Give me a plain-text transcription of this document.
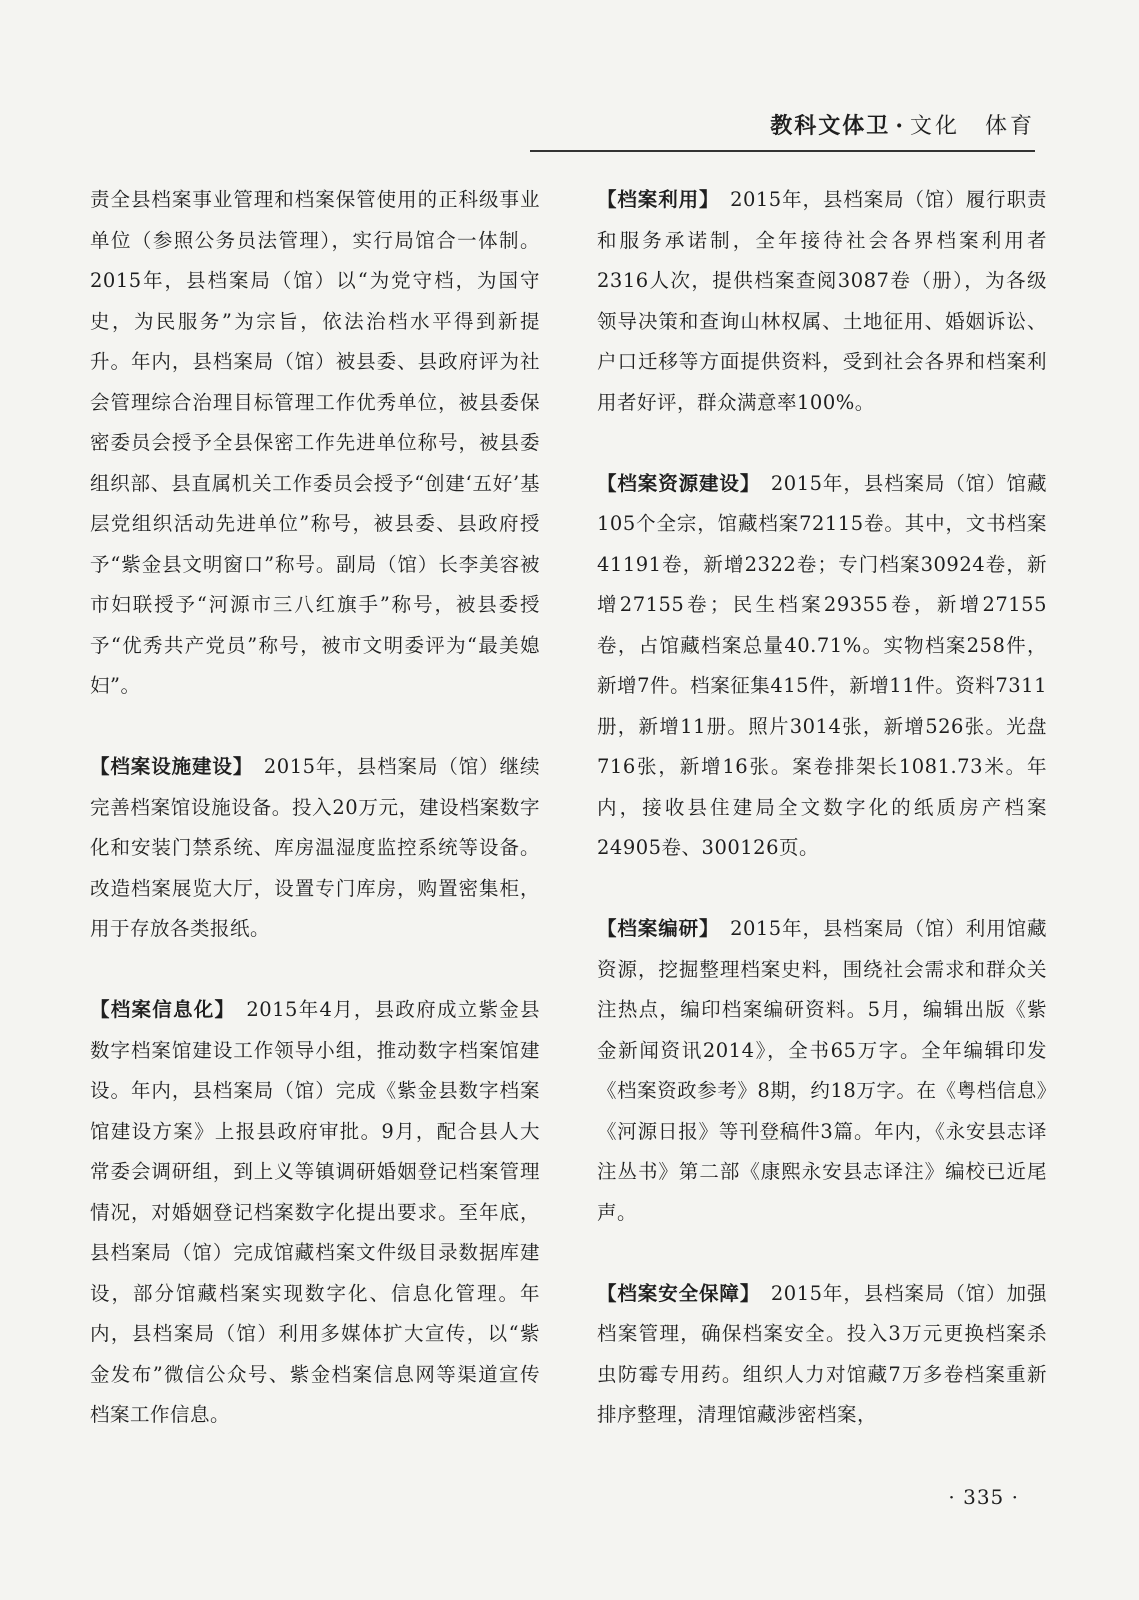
教科文体卫 · 文化　体育

责全县档案事业管理和档案保管使用的正科级事业单位（参照公务员法管理），实行局馆合一体制。2015年，县档案局（馆）以“为党守档，为国守史，为民服务”为宗旨，依法治档水平得到新提升。年内，县档案局（馆）被县委、县政府评为社会管理综合治理目标管理工作优秀单位，被县委保密委员会授予全县保密工作先进单位称号，被县委组织部、县直属机关工作委员会授予“创建‘五好’基层党组织活动先进单位”称号，被县委、县政府授予“紫金县文明窗口”称号。副局（馆）长李美容被市妇联授予“河源市三八红旗手”称号，被县委授予“优秀共产党员”称号，被市文明委评为“最美媳妇”。

【档案设施建设】　2015年，县档案局（馆）继续完善档案馆设施设备。投入20万元，建设档案数字化和安装门禁系统、库房温湿度监控系统等设备。改造档案展览大厅，设置专门库房，购置密集柜，用于存放各类报纸。

【档案信息化】　2015年4月，县政府成立紫金县数字档案馆建设工作领导小组，推动数字档案馆建设。年内，县档案局（馆）完成《紫金县数字档案馆建设方案》上报县政府审批。9月，配合县人大常委会调研组，到上义等镇调研婚姻登记档案管理情况，对婚姻登记档案数字化提出要求。至年底，县档案局（馆）完成馆藏档案文件级目录数据库建设，部分馆藏档案实现数字化、信息化管理。年内，县档案局（馆）利用多媒体扩大宣传，以“紫金发布”微信公众号、紫金档案信息网等渠道宣传档案工作信息。

【档案利用】　2015年，县档案局（馆）履行职责和服务承诺制，全年接待社会各界档案利用者2316人次，提供档案查阅3087卷（册），为各级领导决策和查询山林权属、土地征用、婚姻诉讼、户口迁移等方面提供资料，受到社会各界和档案利用者好评，群众满意率100%。

【档案资源建设】　2015年，县档案局（馆）馆藏105个全宗，馆藏档案72115卷。其中，文书档案41191卷，新增2322卷；专门档案30924卷，新增27155卷；民生档案29355卷，新增27155卷，占馆藏档案总量40.71%。实物档案258件，新增7件。档案征集415件，新增11件。资料7311册，新增11册。照片3014张，新增526张。光盘716张，新增16张。案卷排架长1081.73米。年内，接收县住建局全文数字化的纸质房产档案24905卷、300126页。

【档案编研】　2015年，县档案局（馆）利用馆藏资源，挖掘整理档案史料，围绕社会需求和群众关注热点，编印档案编研资料。5月，编辑出版《紫金新闻资讯2014》，全书65万字。全年编辑印发《档案资政参考》8期，约18万字。在《粤档信息》《河源日报》等刊登稿件3篇。年内，《永安县志译注丛书》第二部《康熙永安县志译注》编校已近尾声。

【档案安全保障】　2015年，县档案局（馆）加强档案管理，确保档案安全。投入3万元更换档案杀虫防霉专用药。组织人力对馆藏7万多卷档案重新排序整理，清理馆藏涉密档案，

· 335 ·
